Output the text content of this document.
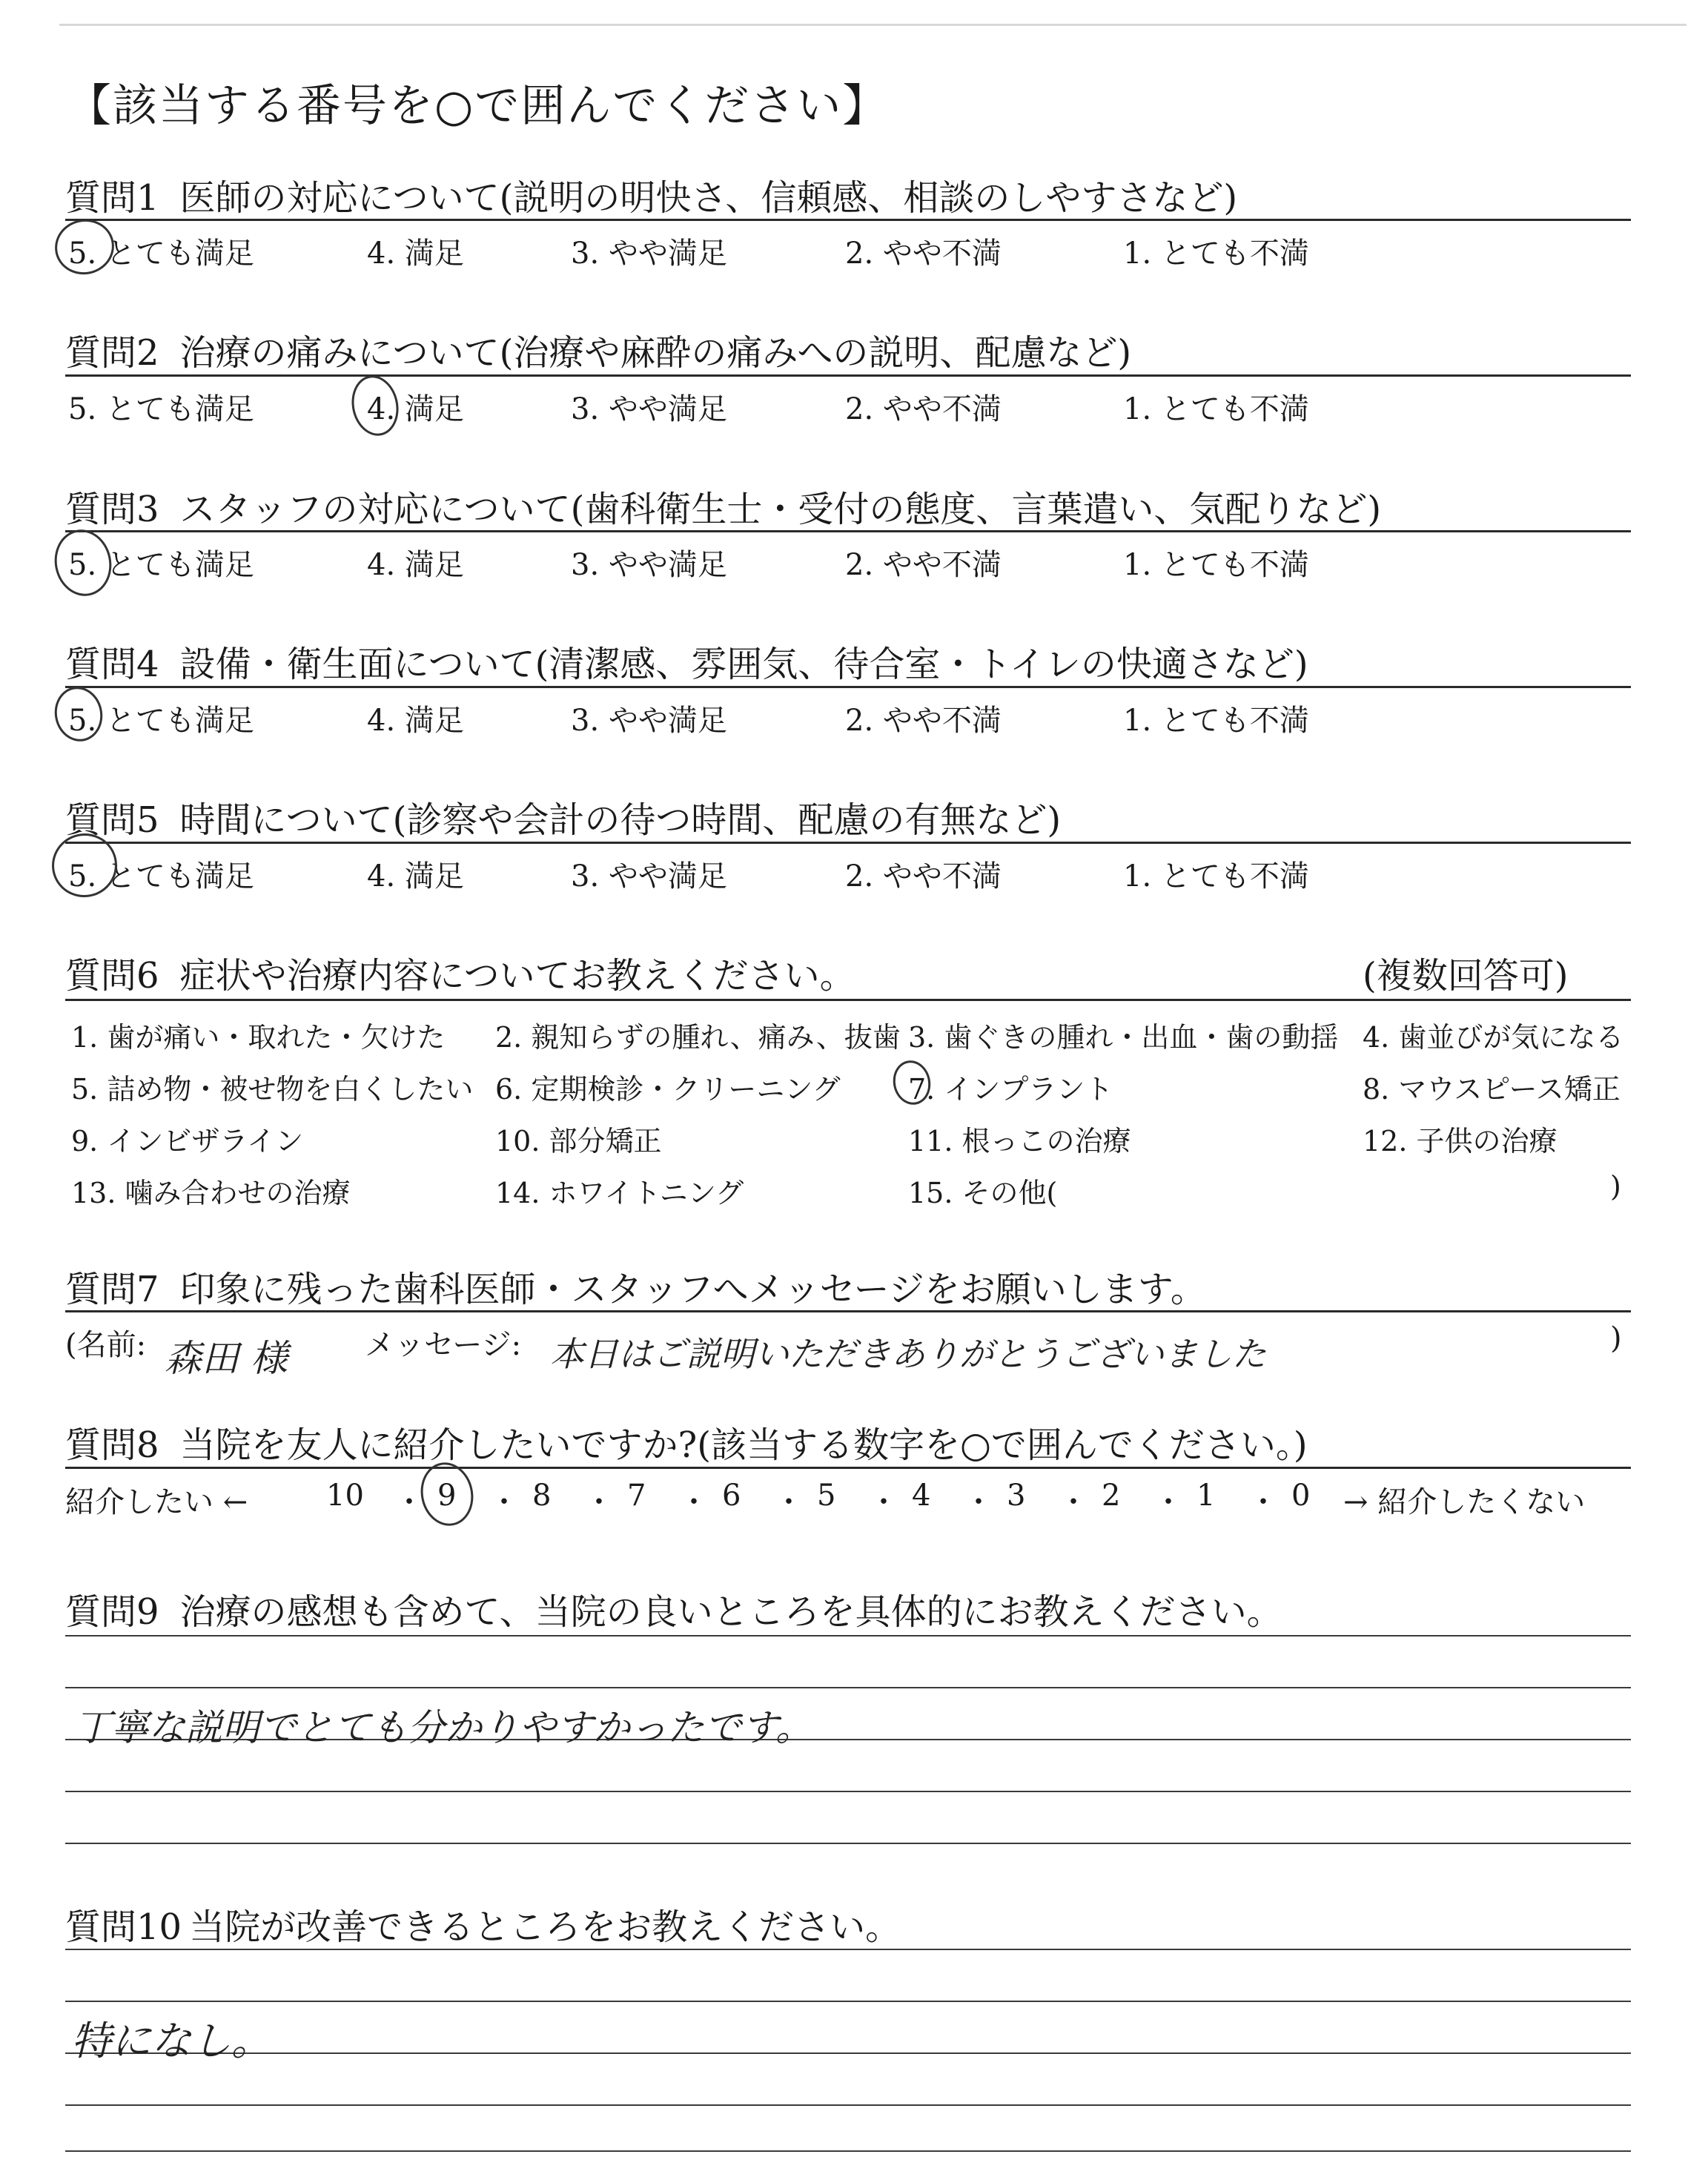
【該当する番号を○で囲んでください】
質問1 医師の対応について(説明の明快さ、信頼感、相談のしやすさなど)
5. とても満足	4. 満足	3. やや満足	2. やや不満	1. とても不満
質問2 治療の痛みについて(治療や麻酔の痛みへの説明、配慮など)
5. とても満足	4. 満足	3. やや満足	2. やや不満	1. とても不満
質問3 スタッフの対応について(歯科衛生士・受付の態度、言葉遣い、気配りなど)
5. とても満足	4. 満足	3. やや満足	2. やや不満	1. とても不満
質問4 設備・衛生面について(清潔感、雰囲気、待合室・トイレの快適さなど)
5. とても満足	4. 満足	3. やや満足	2. やや不満	1. とても不満
質問5 時間について(診察や会計の待つ時間、配慮の有無など)
5. とても満足	4. 満足	3. やや満足	2. やや不満	1. とても不満
質問6 症状や治療内容についてお教えください。	(複数回答可)
1. 歯が痛い・取れた・欠けた 2. 親知らずの腫れ、痛み、抜歯 3. 歯ぐきの腫れ・出血・歯の動揺 4. 歯並びが気になる
5. 詰め物・被せ物を白くしたい 6. 定期検診・クリーニング 7. インプラント	8. マウスピース矯正
9. インビザライン	10. 部分矯正	11. 根っこの治療	12. 子供の治療
13. 噛み合わせの治療	14. ホワイトニング	15. その他(	)
質問7 印象に残った歯科医師・スタッフへメッセージをお願いします。
(名前: 森田 様	メッセージ: 本日はご説明いただきありがとうございました	)
質問8 当院を友人に紹介したいですか?(該当する数字を○で囲んでください。)
紹介したい ←	10 ・ 9 ・ 8 ・ 7 ・ 6 ・ 5 ・ 4 ・ 3 ・ 2 ・ 1 ・ 0 → 紹介したくない
質問9 治療の感想も含めて、当院の良いところを具体的にお教えください。
丁寧な説明でとても分かりやすかったです。
質問10 当院が改善できるところをお教えください。
特になし。
